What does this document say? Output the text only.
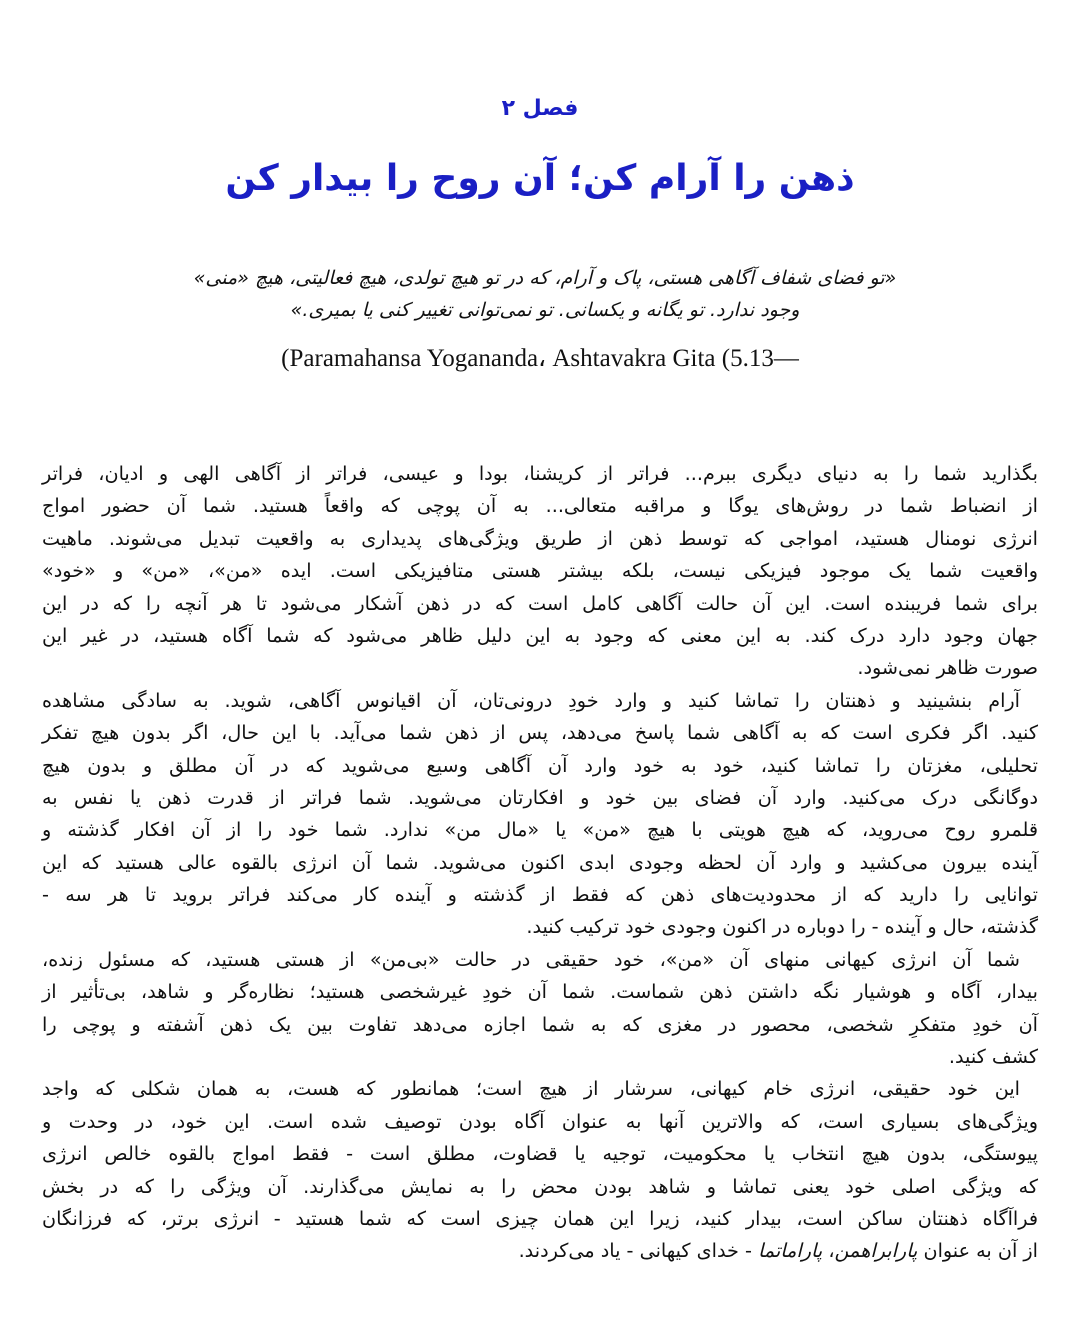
فصل ۲
ذهن را آرام کن؛ آن روح را بیدار کن
«تو فضای شفاف آگاهی هستی، پاک و آرام، که در تو هیچ تولدی، هیچ فعالیتی، هیچ «منی»
وجود ندارد. تو یگانه و یکسانی. تو نمی‌توانی تغییر کنی یا بمیری.»
(Paramahansa Yogananda، Ashtavakra Gita (5.13—
بگذارید شما را به دنیای دیگری ببرم... فراتر از کریشنا، بودا و عیسی، فراتر از آگاهی الهی و ادیان، فراتر
از انضباط شما در روش‌های یوگا و مراقبه متعالی... به آن پوچی که واقعاً هستید. شما آن حضور امواج
انرژی نومنال هستید، امواجی که توسط ذهن از طریق ویژگی‌های پدیداری به واقعیت تبدیل می‌شوند. ماهیت
واقعیت شما یک موجود فیزیکی نیست، بلکه بیشتر هستی متافیزیکی است. ایده «من»، «من» و «خود»
برای شما فریبنده است. این آن حالت آگاهی کامل است که در ذهن آشکار می‌شود تا هر آنچه را که در این
جهان وجود دارد درک کند. به این معنی که وجود به این دلیل ظاهر می‌شود که شما آگاه هستید، در غیر این
صورت ظاهر نمی‌شود.
آرام بنشینید و ذهنتان را تماشا کنید و وارد خودِ درونی‌تان، آن اقیانوس آگاهی، شوید. به سادگی مشاهده
کنید. اگر فکری است که به آگاهی شما پاسخ می‌دهد، پس از ذهن شما می‌آید. با این حال، اگر بدون هیچ تفکر
تحلیلی، مغزتان را تماشا کنید، خود به خود وارد آن آگاهی وسیع می‌شوید که در آن مطلق و بدون هیچ
دوگانگی درک می‌کنید. وارد آن فضای بین خود و افکارتان می‌شوید. شما فراتر از قدرت ذهن یا نفس به
قلمرو روح می‌روید، که هیچ هویتی با هیچ «من» یا «مال من» ندارد. شما خود را از آن افکار گذشته و
آینده بیرون می‌کشید و وارد آن لحظه وجودی ابدی اکنون می‌شوید. شما آن انرژی بالقوه عالی هستید که این
توانایی را دارید که از محدودیت‌های ذهن که فقط از گذشته و آینده کار می‌کند فراتر بروید تا هر سه -
گذشته، حال و آینده - را دوباره در اکنون وجودی خود ترکیب کنید.
شما آن انرژی کیهانی منهای آن «من»، خود حقیقی در حالت «بی‌من» از هستی هستید، که مسئول زنده،
بیدار، آگاه و هوشیار نگه داشتن ذهن شماست. شما آن خودِ غیرشخصی هستید؛ نظاره‌گر و شاهد، بی‌تأثیر از
آن خودِ متفکرِ شخصی، محصور در مغزی که به شما اجازه می‌دهد تفاوت بین یک ذهن آشفته و پوچی را
کشف کنید.
این خود حقیقی، انرژی خام کیهانی، سرشار از هیچ است؛ همانطور که هست، به همان شکلی که واجد
ویژگی‌های بسیاری است، که والاترین آنها به عنوان آگاه بودن توصیف شده است. این خود، در وحدت و
پیوستگی، بدون هیچ انتخاب یا محکومیت، توجیه یا قضاوت، مطلق است - فقط امواج بالقوه خالص انرژی
که ویژگی اصلی خود یعنی تماشا و شاهد بودن محض را به نمایش می‌گذارند. آن ویژگی را که در بخش
فراآگاه ذهنتان ساکن است، بیدار کنید، زیرا این همان چیزی است که شما هستید - انرژی برتر، که فرزانگان
از آن به عنوان پارابراهمن، پاراماتما - خدای کیهانی - یاد می‌کردند.
